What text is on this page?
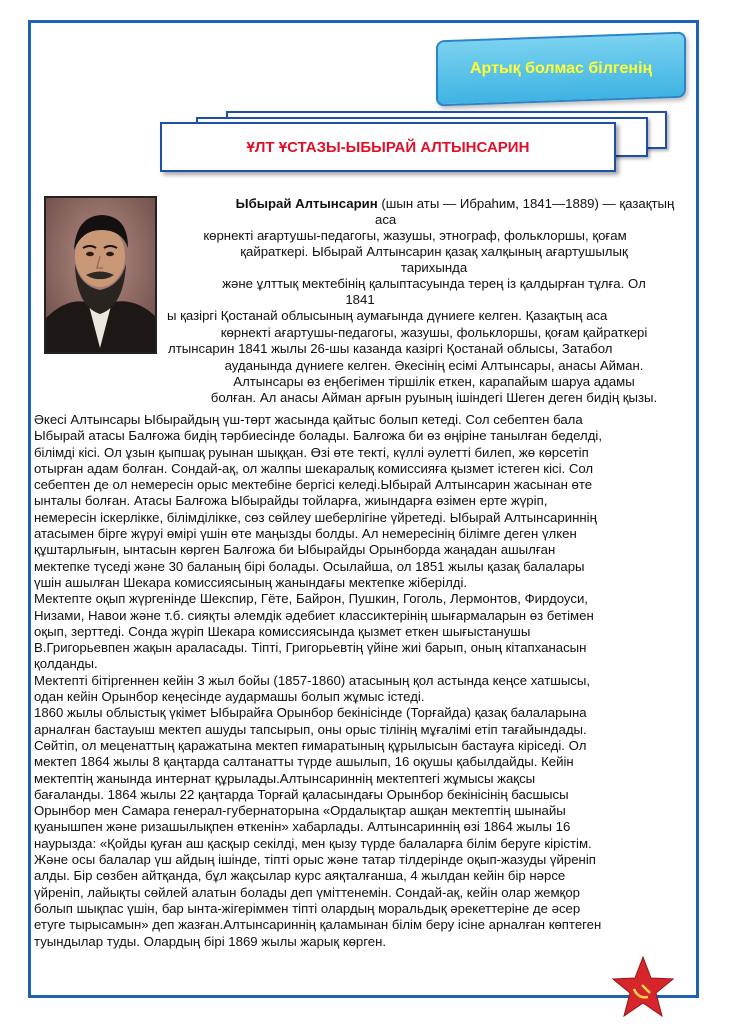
Артық болмас білгенің
ҰЛТ ҰСТАЗЫ-ЫБЫРАЙ АЛТЫНСАРИН

Ыбырай Алтынсарин (шын аты — Ибраһим, 1841—1889) — қазақтың

аса

көрнекті ағартушы-педагогы, жазушы, этнограф, фольклоршы, қоғам

қайраткері. Ыбырай Алтынсарин қазақ халқының ағартушылық

тарихында

және ұлттық мектебінің қалыптасуында терең із қалдырған тұлға. Ол

1841

ы қазіргі Қостанай облысының аумағында дүниеге келген. Қазақтың аса

көрнекті ағартушы-педагогы, жазушы, фольклоршы, қоғам қайраткері

лтынсарин 1841 жылы 26-шы казанда казіргі Қостанай облысы, Затабол

ауданында дүниеге келген. Әкесінің есімі Алтынсары, анасы Айман.

Алтынсары өз еңбегімен тіршілік еткен, карапайым шаруа адамы

болған. Ал анасы Айман арғын руының ішіндегі Шеген деген бидің қызы.

Әкесі Алтынсары Ыбырайдың үш-төрт жасында қайтыс болып кетеді. Сол себептен бала
Ыбырай атасы Балғожа бидің тәрбиесінде болады. Балғожа би өз өңіріне танылған беделді,
білімді кісі. Ол ұзын қыпшақ руынан шыққан. Өзі өте текті, күллі әулетті билеп, жө көрсетіп
отырған адам болған. Сондай-ақ, ол жалпы шекаралық комиссияға қызмет істеген кісі. Сол
себептен де ол немересін орыс мектебіне бергісі келеді.Ыбырай Алтынсарин жасынан өте
ынталы болған. Атасы Балғожа Ыбырайды тойларға, жиындарға өзімен ерте жүріп,
немересін іскерлікке, білімділікке, сөз сөйлеу шеберлігіне үйретеді. Ыбырай Алтынсариннің
атасымен бірге жүруі өмірі үшін өте маңызды болды. Ал немересінің білімге деген үлкен
құштарлығын, ынтасын көрген Балғожа би Ыбырайды Орынборда жаңадан ашылған
мектепке түседі және 30 баланың бірі болады. Осылайша, ол 1851 жылы қазақ балалары
үшін ашылған Шекара комиссиясының жанындағы мектепке жіберілді.
Мектепте оқып жүргенінде Шекспир, Гёте, Байрон, Пушкин, Гоголь, Лермонтов, Фирдоуси,
Низами, Навои және т.б. сияқты әлемдік әдебиет классиктерінің шығармаларын өз бетімен
оқып, зерттеді. Сонда жүріп Шекара комиссиясында қызмет еткен шығыстанушы
В.Григорьевпен жақын араласады. Тіпті, Григорьевтің үйіне жиі барып, оның кітапханасын
қолданды.
Мектепті бітіргеннен кейін 3 жыл бойы (1857-1860) атасының қол астында кеңсе хатшысы,
одан кейін Орынбор кеңесінде аудармашы болып жұмыс істеді.
1860 жылы облыстық үкімет Ыбырайға Орынбор бекінісінде (Торғайда) қазақ балаларына
арналған бастауыш мектеп ашуды тапсырып, оны орыс тілінің мұғалімі етіп тағайындады.
Сөйтіп, ол меценаттың қаражатына мектеп ғимаратының құрылысын бастауға кіріседі. Ол
мектеп 1864 жылы 8 қаңтарда салтанатты түрде ашылып, 16 оқушы қабылдайды. Кейін
мектептің жанында интернат құрылады.Алтынсариннің мектептегі жұмысы жақсы
бағаланды. 1864 жылы 22 қаңтарда Торғай қаласындағы Орынбор бекінісінің басшысы
Орынбор мен Самара генерал-губернаторына «Ордалықтар ашқан мектептің шынайы
қуанышпен және ризашылықпен өткенін» хабарлады. Алтынсариннің өзі 1864 жылы 16
наурызда: «Қойды қуған аш қасқыр секілді, мен қызу түрде балаларға білім беруге кірістім.
Және осы балалар үш айдың ішінде, тіпті орыс және татар тілдерінде оқып-жазуды үйреніп
алды. Бір сөзбен айтқанда, бұл жақсылар курс аяқталғанша, 4 жылдан кейін бір нәрсе
үйреніп, лайықты сөйлей алатын болады деп үміттенемін. Сондай-ақ, кейін олар жемқор
болып шықпас үшін, бар ынта-жігеріммен тіпті олардың моральдық әрекеттеріне де әсер
етуге тырысамын» деп жазған.Алтынсариннің қаламынан білім беру ісіне арналған көптеген
туындылар туды. Олардың бірі 1869 жылы жарық көрген.
